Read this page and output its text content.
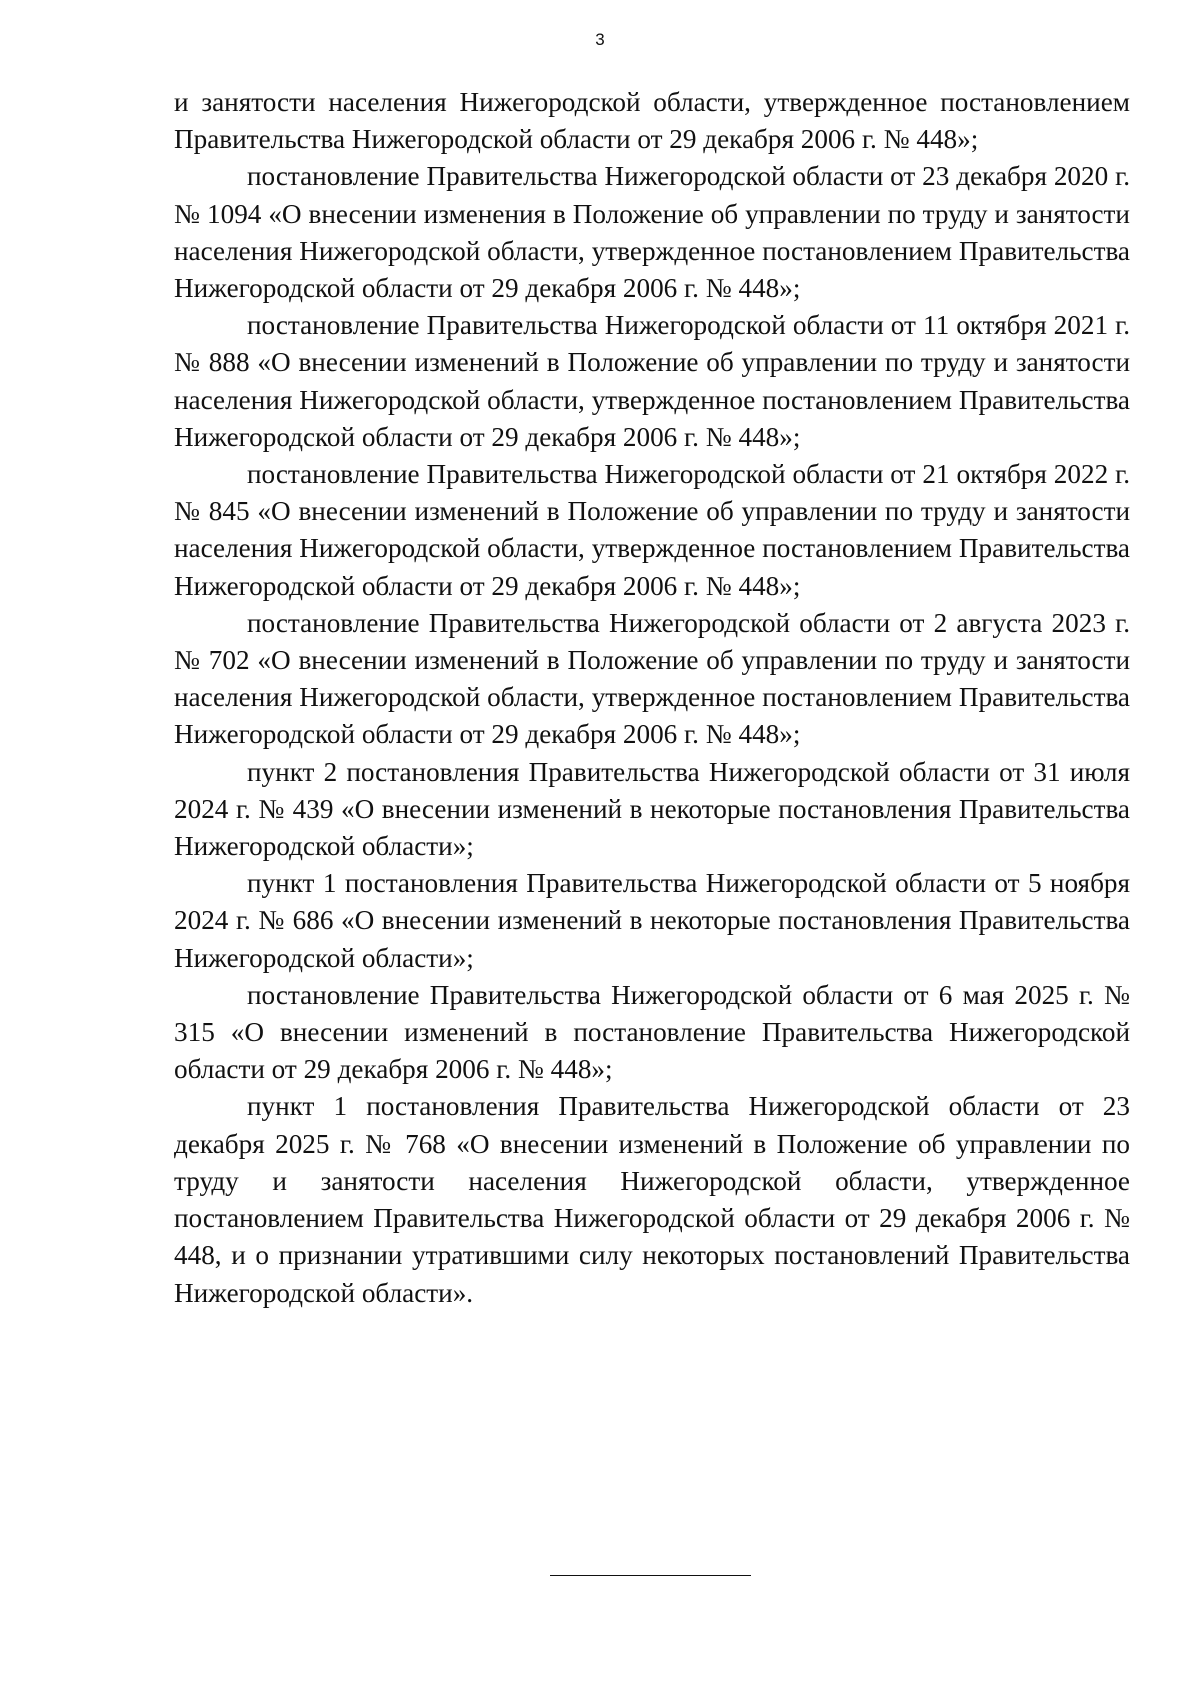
3

и занятости населения Нижегородской области, утвержденное постановлением Правительства Нижегородской области от 29 декабря 2006 г. № 448»;

постановление Правительства Нижегородской области от 23 декабря 2020 г. № 1094 «О внесении изменения в Положение об управлении по труду и занятости населения Нижегородской области, утвержденное постановлением Правительства Нижегородской области от 29 декабря 2006 г. № 448»;

постановление Правительства Нижегородской области от 11 октября 2021 г. № 888 «О внесении изменений в Положение об управлении по труду и занятости населения Нижегородской области, утвержденное постановлением Правительства Нижегородской области от 29 декабря 2006 г. № 448»;

постановление Правительства Нижегородской области от 21 октября 2022 г. № 845 «О внесении изменений в Положение об управлении по труду и занятости населения Нижегородской области, утвержденное постановлением Правительства Нижегородской области от 29 декабря 2006 г. № 448»;

постановление Правительства Нижегородской области от 2 августа 2023 г. № 702 «О внесении изменений в Положение об управлении по труду и занятости населения Нижегородской области, утвержденное постановлением Правительства Нижегородской области от 29 декабря 2006 г. № 448»;

пункт 2 постановления Правительства Нижегородской области от 31 июля 2024 г. № 439 «О внесении изменений в некоторые постановления Правительства Нижегородской области»;

пункт 1 постановления Правительства Нижегородской области от 5 ноября 2024 г. № 686 «О внесении изменений в некоторые постановления Правительства Нижегородской области»;

постановление Правительства Нижегородской области от 6 мая 2025 г. № 315 «О внесении изменений в постановление Правительства Нижегородской области от 29 декабря 2006 г. № 448»;

пункт 1 постановления Правительства Нижегородской области от 23 декабря 2025 г. № 768 «О внесении изменений в Положение об управлении по труду и занятости населения Нижегородской области, утвержденное постановлением Правительства Нижегородской области от 29 декабря 2006 г. № 448, и о признании утратившими силу некоторых постановлений Правительства Нижегородской области».
